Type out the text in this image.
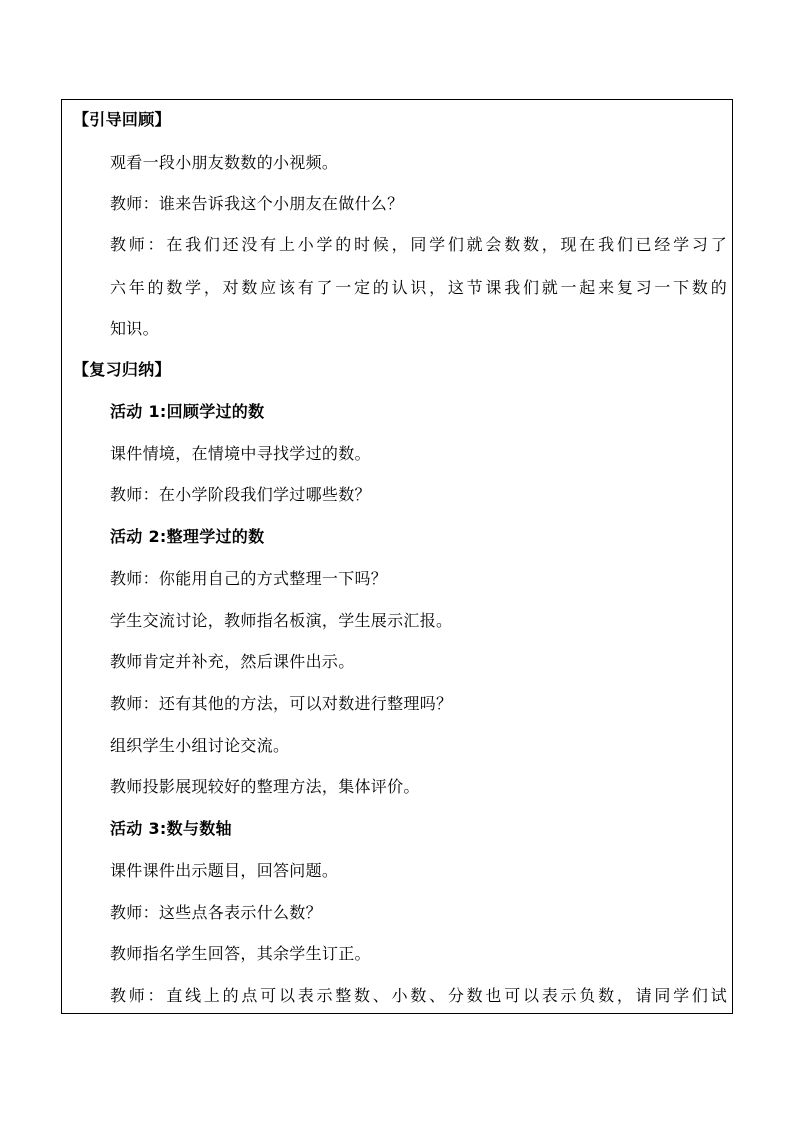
【引导回顾】
观看一段小朋友数数的小视频。
教师：谁来告诉我这个小朋友在做什么？
教师：在我们还没有上小学的时候，同学们就会数数，现在我们已经学习了
六年的数学，对数应该有了一定的认识，这节课我们就一起来复习一下数的
知识。
【复习归纳】
活动 1:回顾学过的数
课件情境，在情境中寻找学过的数。
教师：在小学阶段我们学过哪些数？
活动 2:整理学过的数
教师：你能用自己的方式整理一下吗？
学生交流讨论，教师指名板演，学生展示汇报。
教师肯定并补充，然后课件出示。
教师：还有其他的方法，可以对数进行整理吗？
组织学生小组讨论交流。
教师投影展现较好的整理方法，集体评价。
活动 3:数与数轴
课件课件出示题目，回答问题。
教师：这些点各表示什么数？
教师指名学生回答，其余学生订正。
教师：直线上的点可以表示整数、小数、分数也可以表示负数，请同学们试
